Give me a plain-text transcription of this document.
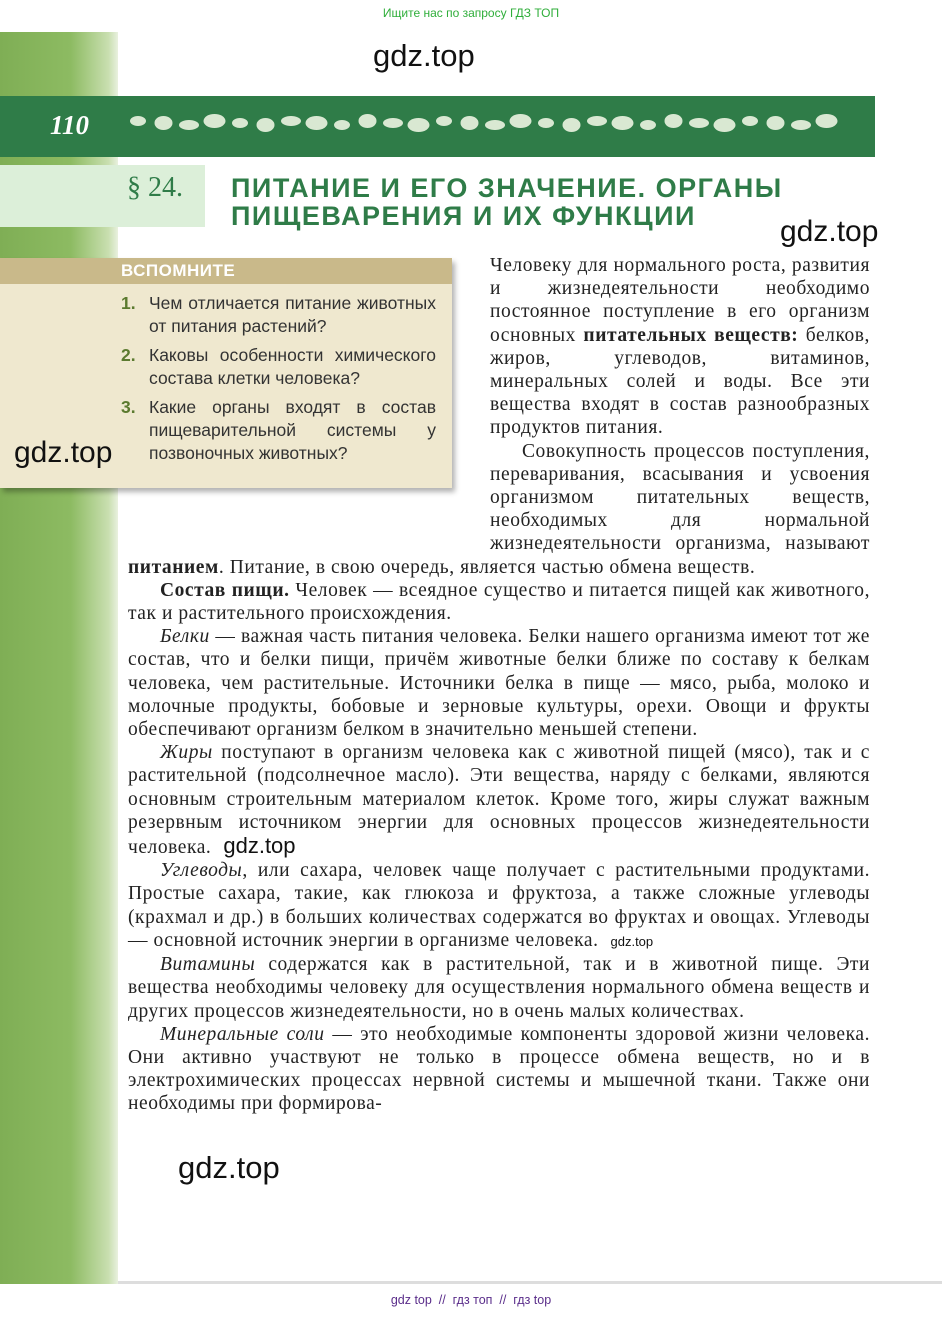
Ищите нас по запросу ГДЗ ТОП
110
§ 24. ПИТАНИЕ И ЕГО ЗНАЧЕНИЕ. ОРГАНЫ
ПИЩЕВАРЕНИЯ И ИХ ФУНКЦИИ
ВСПОМНИТЕ
1. Чем отличается питание животных от питания растений?
2. Каковы особенности химического состава клетки человека?
3. Какие органы входят в состав пищеварительной системы у позвоночных животных?

Человеку для нормального роста, развития и жизнедеятельности необходимо постоянное поступление в его организм основных питательных веществ: белков, жиров, углеводов, витаминов, минеральных солей и воды. Все эти вещества входят в состав разнообразных продуктов питания.

Совокупность процессов поступления, переваривания, всасывания и усвоения организмом питательных веществ, необходимых для нормальной жизнедеятельности организма, называют питанием. Питание, в свою очередь, является частью обмена веществ.

Состав пищи. Человек — всеядное существо и питается пищей как животного, так и растительного происхождения.

Белки — важная часть питания человека. Белки нашего организма имеют тот же состав, что и белки пищи, причём животные белки ближе по составу к белкам человека, чем растительные. Источники белка в пище — мясо, рыба, молоко и молочные продукты, бобовые и зерновые культуры, орехи. Овощи и фрукты обеспечивают организм белком в значительно меньшей степени.

Жиры поступают в организм человека как с животной пищей (мясо), так и с растительной (подсолнечное масло). Эти вещества, наряду с белками, являются основным строительным материалом клеток. Кроме того, жиры служат важным резервным источником энергии для основных процессов жизнедеятельности человека. gdz.top

Углеводы, или сахара, человек чаще получает с растительными продуктами. Простые сахара, такие, как глюкоза и фруктоза, а также сложные углеводы (крахмал и др.) в больших количествах содержатся во фруктах и овощах. Углеводы — основной источник энергии в организме человека. gdz.top

Витамины содержатся как в растительной, так и в животной пище. Эти вещества необходимы человеку для осуществления нормального обмена веществ и других процессов жизнедеятельности, но в очень малых количествах.

Минеральные соли — это необходимые компоненты здоровой жизни человека. Они активно участвуют не только в процессе обмена веществ, но и в электрохимических процессах нервной системы и мышечной ткани. Также они необходимы при формирова-

gdz.top
gdz.top
gdz.top
gdz.top
gdz top  //  гдз топ  //  гдз top
